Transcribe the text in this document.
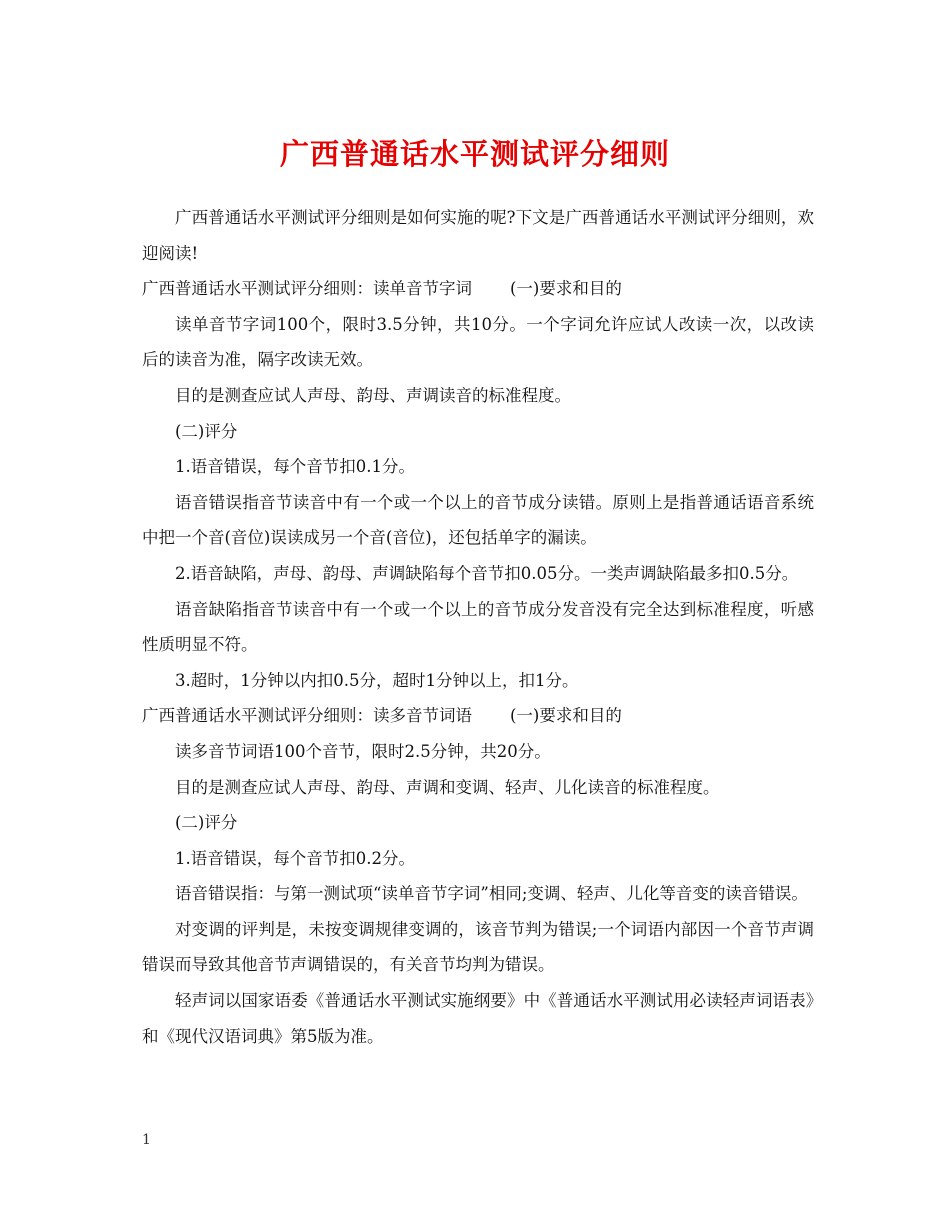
广西普通话水平测试评分细则

广西普通话水平测试评分细则是如何实施的呢?下文是广西普通话水平测试评分细则，欢迎阅读!

广西普通话水平测试评分细则：读单音节字词 (一)要求和目的

读单音节字词100个，限时3.5分钟，共10分。一个字词允许应试人改读一次，以改读后的读音为准，隔字改读无效。

目的是测查应试人声母、韵母、声调读音的标准程度。

(二)评分

1.语音错误，每个音节扣0.1分。

语音错误指音节读音中有一个或一个以上的音节成分读错。原则上是指普通话语音系统中把一个音(音位)误读成另一个音(音位)，还包括单字的漏读。

2.语音缺陷，声母、韵母、声调缺陷每个音节扣0.05分。一类声调缺陷最多扣0.5分。

语音缺陷指音节读音中有一个或一个以上的音节成分发音没有完全达到标准程度，听感性质明显不符。

3.超时，1分钟以内扣0.5分，超时1分钟以上，扣1分。

广西普通话水平测试评分细则：读多音节词语 (一)要求和目的

读多音节词语100个音节，限时2.5分钟，共20分。

目的是测查应试人声母、韵母、声调和变调、轻声、儿化读音的标准程度。

(二)评分

1.语音错误，每个音节扣0.2分。

语音错误指：与第一测试项“读单音节字词”相同;变调、轻声、儿化等音变的读音错误。

对变调的评判是，未按变调规律变调的，该音节判为错误;一个词语内部因一个音节声调错误而导致其他音节声调错误的，有关音节均判为错误。

轻声词以国家语委《普通话水平测试实施纲要》中《普通话水平测试用必读轻声词语表》和《现代汉语词典》第5版为准。

1
